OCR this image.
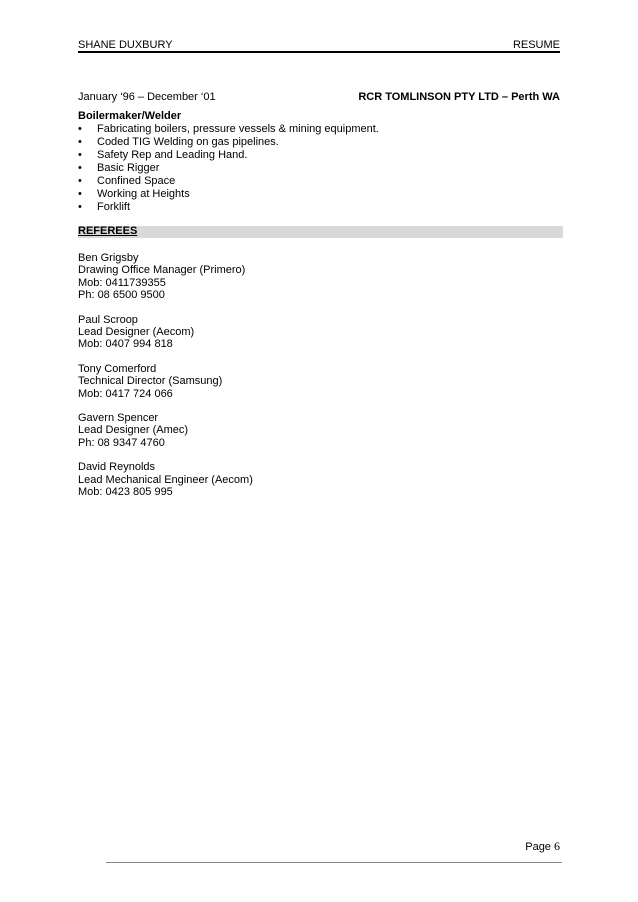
SHANE DUXBURY	RESUME
January ‘96 – December ‘01	RCR TOMLINSON PTY LTD – Perth WA
Boilermaker/Welder
•	Fabricating boilers, pressure vessels & mining equipment.
•	Coded TIG Welding on gas pipelines.
•	Safety Rep and Leading Hand.
•	Basic Rigger
•	Confined Space
•	Working at Heights
•	Forklift
REFEREES
Ben Grigsby
Drawing Office Manager (Primero)
Mob: 0411739355
Ph: 08 6500 9500
Paul Scroop
Lead Designer (Aecom)
Mob: 0407 994 818
Tony Comerford
Technical Director (Samsung)
Mob: 0417 724 066
Gavern Spencer
Lead Designer (Amec)
Ph: 08 9347 4760
David Reynolds
Lead Mechanical Engineer (Aecom)
Mob: 0423 805 995
Page 6
